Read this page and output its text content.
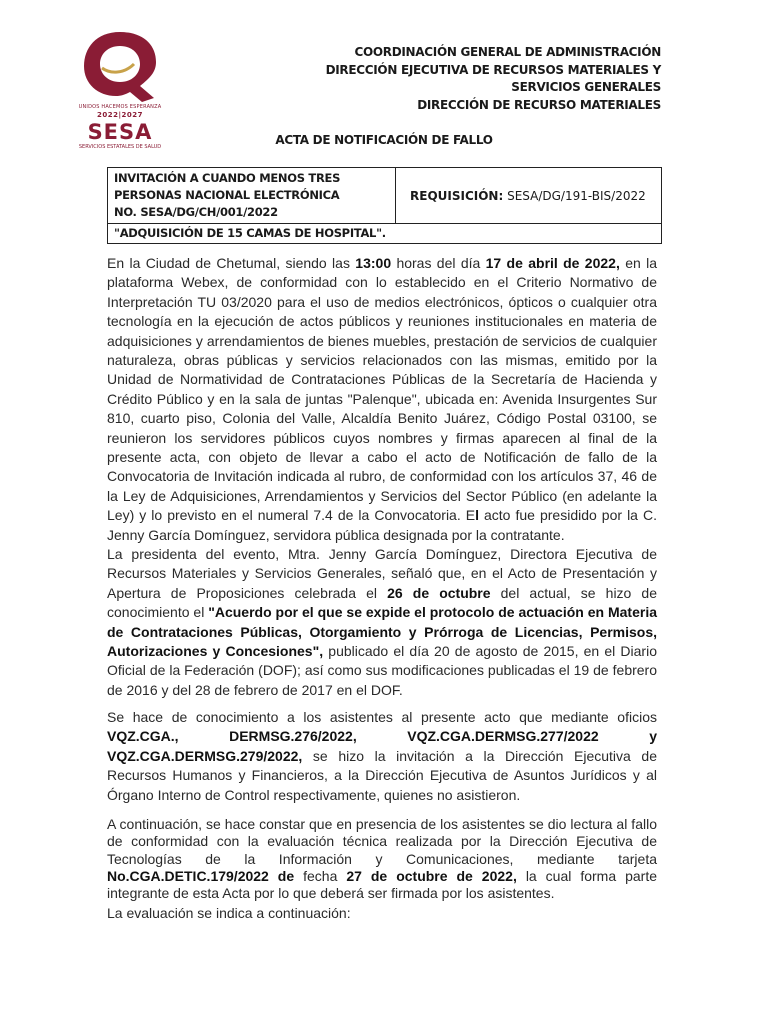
UNIDOS HACEMOS ESPERANZA
2022|2027
SESA
SERVICIOS ESTATALES DE SALUD
COORDINACIÓN GENERAL DE ADMINISTRACIÓN
DIRECCIÓN EJECUTIVA DE RECURSOS MATERIALES Y
SERVICIOS GENERALES
DIRECCIÓN DE RECURSO MATERIALES
ACTA DE NOTIFICACIÓN DE FALLO
INVITACIÓN A CUANDO MENOS TRES
PERSONAS NACIONAL ELECTRÓNICA
NO. SESA/DG/CH/001/2022
	REQUISICIÓN: SESA/DG/191-BIS/2022
"ADQUISICIÓN DE 15 CAMAS DE HOSPITAL".
En la Ciudad de Chetumal, siendo las 13:00 horas del día 17 de abril de 2022, en la plataforma Webex, de conformidad con lo establecido en el Criterio Normativo de Interpretación TU 03/2020 para el uso de medios electrónicos, ópticos o cualquier otra tecnología en la ejecución de actos públicos y reuniones institucionales en materia de adquisiciones y arrendamientos de bienes muebles, prestación de servicios de cualquier naturaleza, obras públicas y servicios relacionados con las mismas, emitido por la Unidad de Normatividad de Contrataciones Públicas de la Secretaría de Hacienda y Crédito Público y en la sala de juntas "Palenque", ubicada en: Avenida Insurgentes Sur 810, cuarto piso, Colonia del Valle, Alcaldía Benito Juárez, Código Postal 03100, se reunieron los servidores públicos cuyos nombres y firmas aparecen al final de la presente acta, con objeto de llevar a cabo el acto de Notificación de fallo de la Convocatoria de Invitación indicada al rubro, de conformidad con los artículos 37, 46 de la Ley de Adquisiciones, Arrendamientos y Servicios del Sector Público (en adelante la Ley) y lo previsto en el numeral 7.4 de la Convocatoria. El acto fue presidido por la C. Jenny García Domínguez, servidora pública designada por la contratante.
La presidenta del evento, Mtra. Jenny García Domínguez, Directora Ejecutiva de Recursos Materiales y Servicios Generales, señaló que, en el Acto de Presentación y Apertura de Proposiciones celebrada el 26 de octubre del actual, se hizo de conocimiento el "Acuerdo por el que se expide el protocolo de actuación en Materia de Contrataciones Públicas, Otorgamiento y Prórroga de Licencias, Permisos, Autorizaciones y Concesiones", publicado el día 20 de agosto de 2015, en el Diario Oficial de la Federación (DOF); así como sus modificaciones publicadas el 19 de febrero de 2016 y del 28 de febrero de 2017 en el DOF.
Se hace de conocimiento a los asistentes al presente acto que mediante oficios VQZ.CGA., DERMSG.276/2022, VQZ.CGA.DERMSG.277/2022 y VQZ.CGA.DERMSG.279/2022, se hizo la invitación a la Dirección Ejecutiva de Recursos Humanos y Financieros, a la Dirección Ejecutiva de Asuntos Jurídicos y al Órgano Interno de Control respectivamente, quienes no asistieron.
A continuación, se hace constar que en presencia de los asistentes se dio lectura al fallo de conformidad con la evaluación técnica realizada por la Dirección Ejecutiva de Tecnologías de la Información y Comunicaciones, mediante tarjeta No.CGA.DETIC.179/2022 de fecha 27 de octubre de 2022, la cual forma parte integrante de esta Acta por lo que deberá ser firmada por los asistentes.
La evaluación se indica a continuación:
